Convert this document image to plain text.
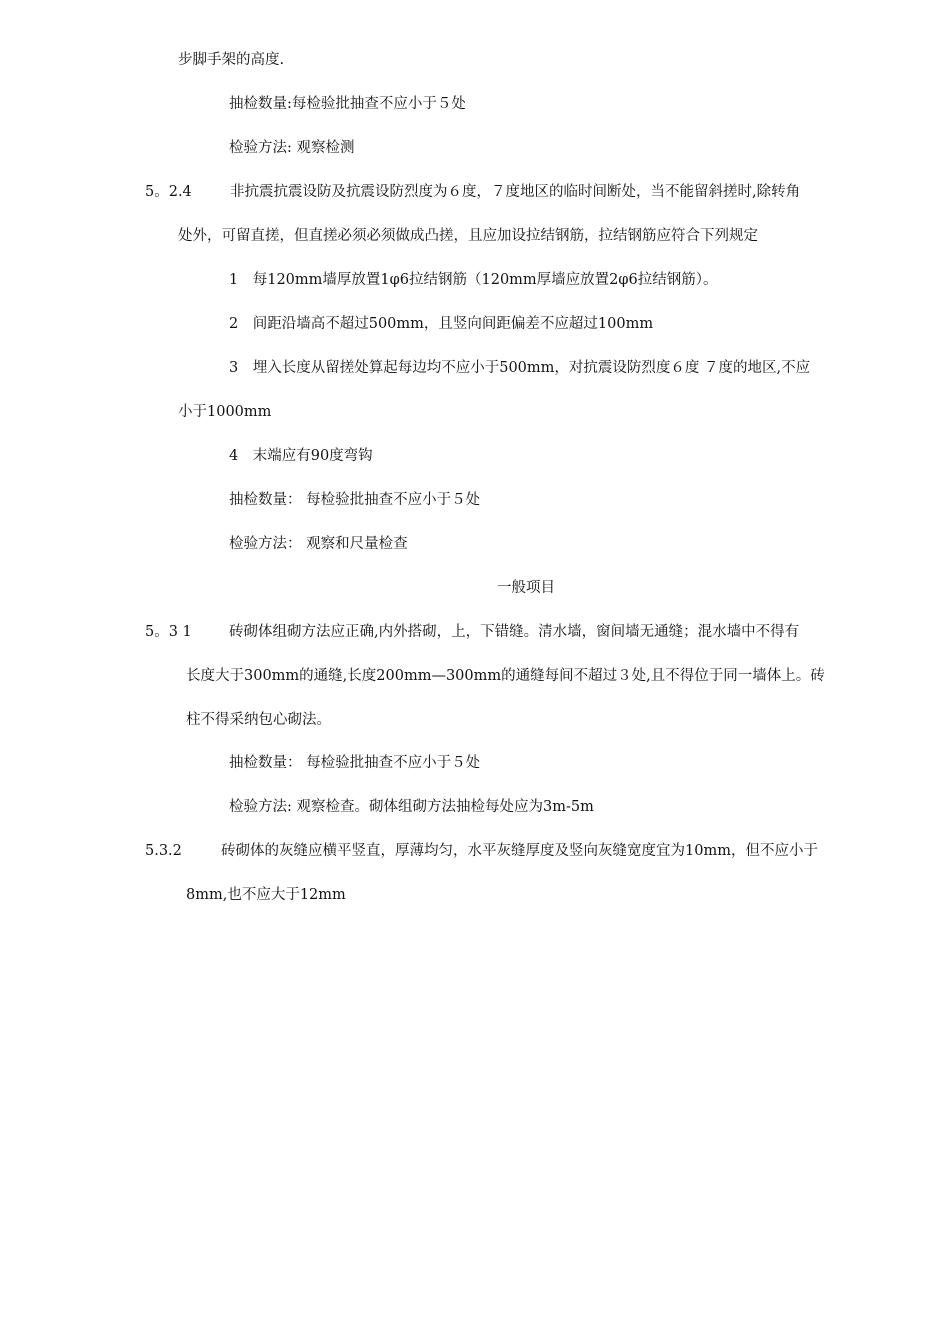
步脚手架的高度.
抽检数量:每检验批抽查不应小于５处
检验方法: 观察检测
5。2.4	非抗震抗震设防及抗震设防烈度为６度，７度地区的临时间断处，当不能留斜搓时,除转角
处外，可留直搓，但直搓必须必须做成凸搓，且应加设拉结钢筋，拉结钢筋应符合下列规定
1　每120mm墙厚放置1φ6拉结钢筋（120mm厚墙应放置2φ6拉结钢筋）。
2　间距沿墙高不超过500mm，且竖向间距偏差不应超过100mm
3　埋入长度从留搓处算起每边均不应小于500mm，对抗震设防烈度６度 ７度的地区,不应
小于1000mm
4　末端应有90度弯钩
抽检数量： 每检验批抽查不应小于５处
检验方法： 观察和尺量检查
一般项目
5。3 1	砖砌体组砌方法应正确,内外搭砌，上，下错缝。清水墙，窗间墙无通缝；混水墙中不得有
长度大于300mm的通缝,长度200mm—300mm的通缝每间不超过３处,且不得位于同一墙体上。砖
柱不得采纳包心砌法。
抽检数量： 每检验批抽查不应小于５处
检验方法: 观察检查。砌体组砌方法抽检每处应为3m-5m
5.3.2	砖砌体的灰缝应横平竖直，厚薄均匀，水平灰缝厚度及竖向灰缝宽度宜为10mm，但不应小于
8mm,也不应大于12mm
